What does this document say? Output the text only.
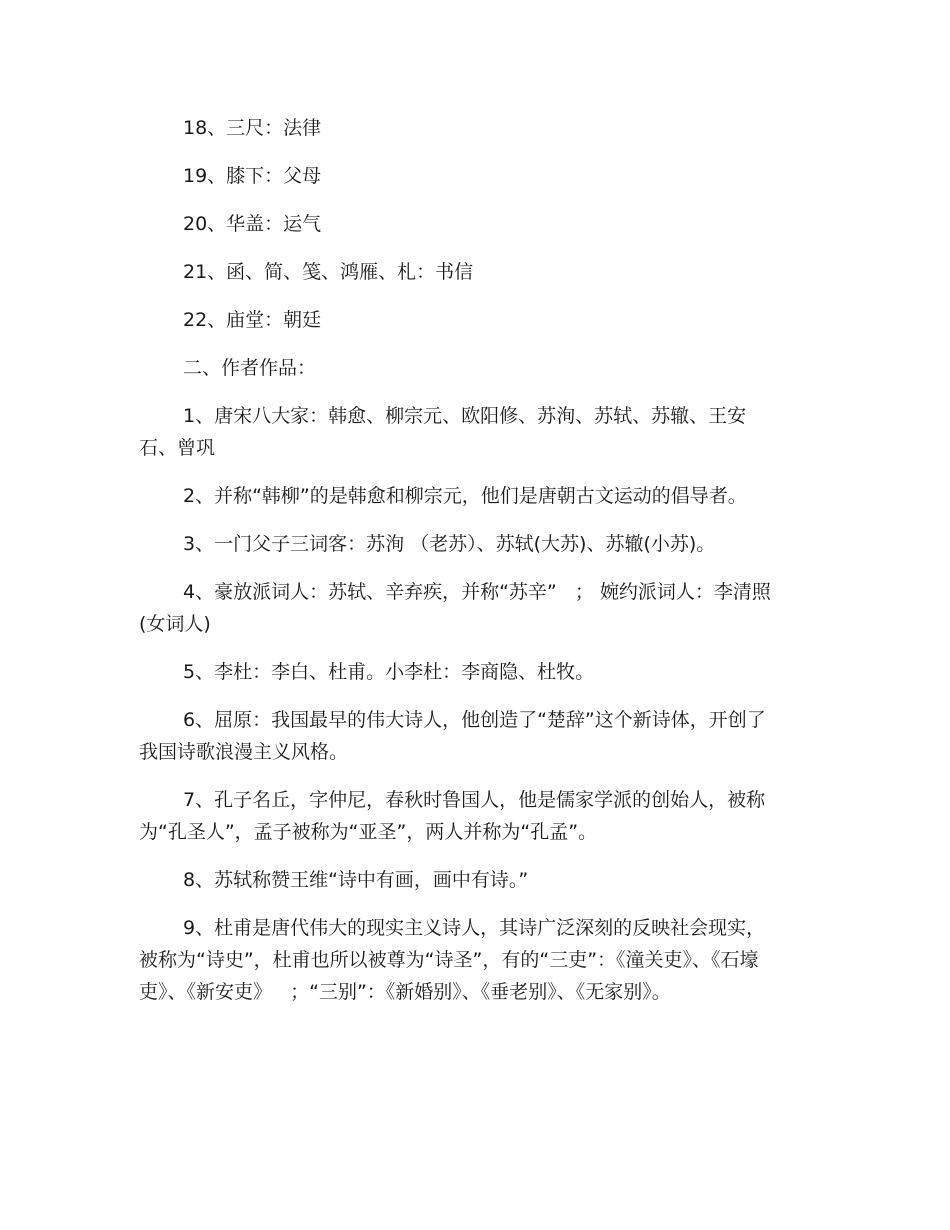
18、三尺：法律

19、膝下：父母

20、华盖：运气

21、函、简、笺、鸿雁、札：书信

22、庙堂：朝廷

二、作者作品：

1、唐宋八大家：韩愈、柳宗元、欧阳修、苏洵、苏轼、苏辙、王安石、曾巩

2、并称“韩柳”的是韩愈和柳宗元，他们是唐朝古文运动的倡导者。

3、一门父子三词客：苏洵 （老苏）、苏轼(大苏)、苏辙(小苏)。

4、豪放派词人：苏轼、辛弃疾，并称“苏辛”   ； 婉约派词人：李清照(女词人)

5、李杜：李白、杜甫。小李杜：李商隐、杜牧。

6、屈原：我国最早的伟大诗人，他创造了“楚辞”这个新诗体，开创了我国诗歌浪漫主义风格。

7、孔子名丘，字仲尼，春秋时鲁国人，他是儒家学派的创始人，被称为“孔圣人”，孟子被称为“亚圣”，两人并称为“孔孟”。

8、苏轼称赞王维“诗中有画，画中有诗。”

9、杜甫是唐代伟大的现实主义诗人，其诗广泛深刻的反映社会现实，被称为“诗史”，杜甫也所以被尊为“诗圣”，有的“三吏”：《潼关吏》、《石壕吏》、《新安吏》   ；“三别”：《新婚别》、《垂老别》、《无家别》。
